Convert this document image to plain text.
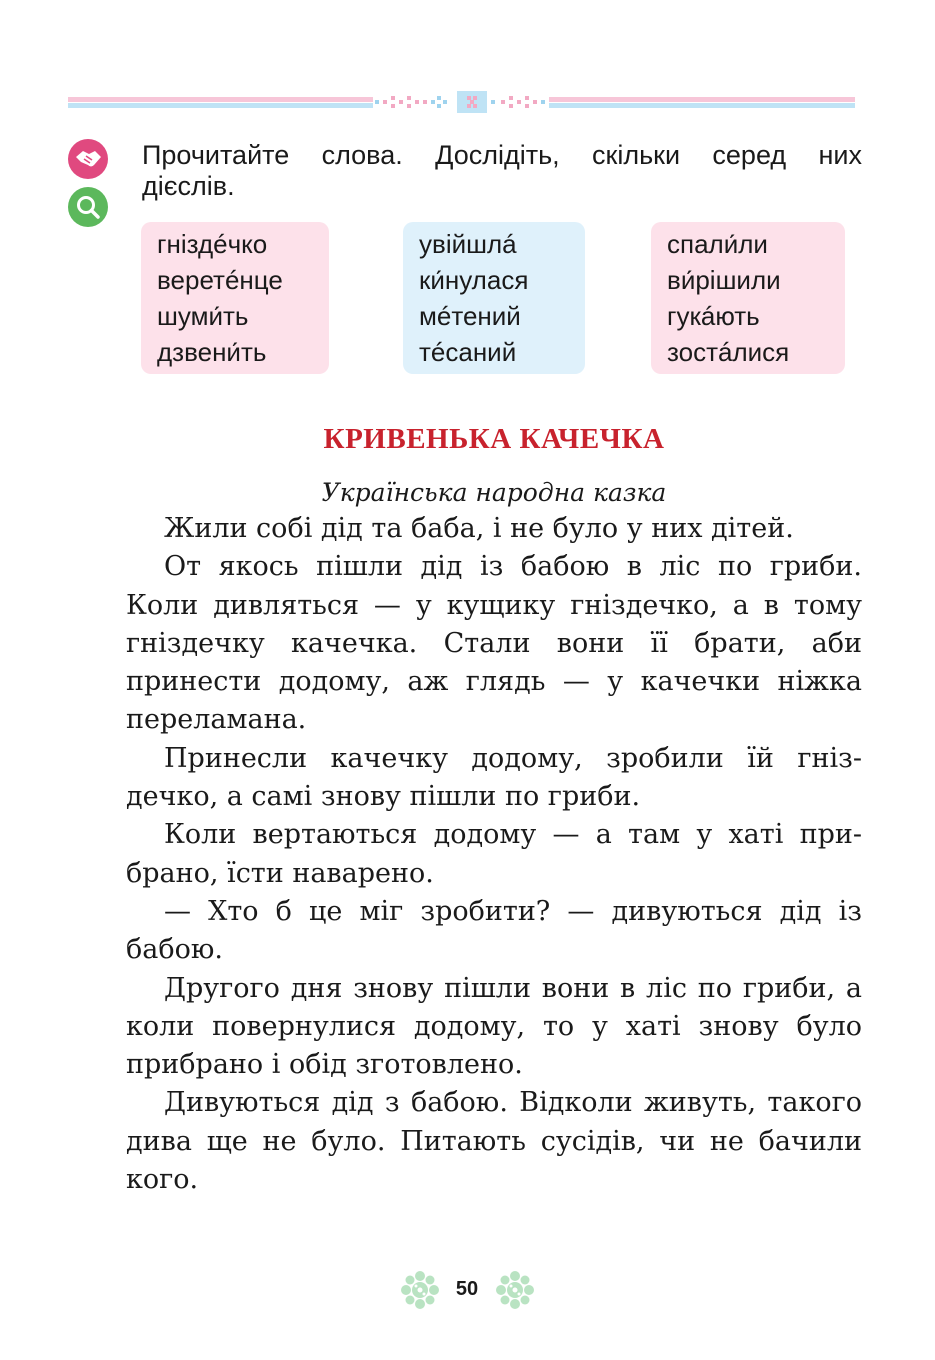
Прочитайте слова. Дослідіть, скільки серед них дієслів.
гніздéчко
веретéнце
шуми́ть
дзвени́ть
увійшлá
ки́нулася
мéтений
тéсаний
спали́ли
ви́рішили
гукáють
зостáлися
КРИВЕНЬКА КАЧЕЧКА
Українська народна казка

Жили собі дід та баба, і не було у них дітей.

От якось пішли дід із бабою в ліс по гриби. Коли дивляться — у кущику гніздечко, а в тому гніздечку качечка. Стали вони її брати, аби принести додому, аж глядь — у качечки ніжка переламана.

Принесли качечку додому, зробили їй гніздечко, а самі знову пішли по гриби.

Коли вертаються додому — а там у хаті прибрано, їсти наварено.

— Хто б це міг зробити? — дивуються дід із бабою.

Другого дня знову пішли вони в ліс по гриби, а коли повернулися додому, то у хаті знову було прибрано і обід зготовлено.

Дивуються дід з бабою. Відколи живуть, такого дива ще не було. Питають сусідів, чи не бачили кого.

50
